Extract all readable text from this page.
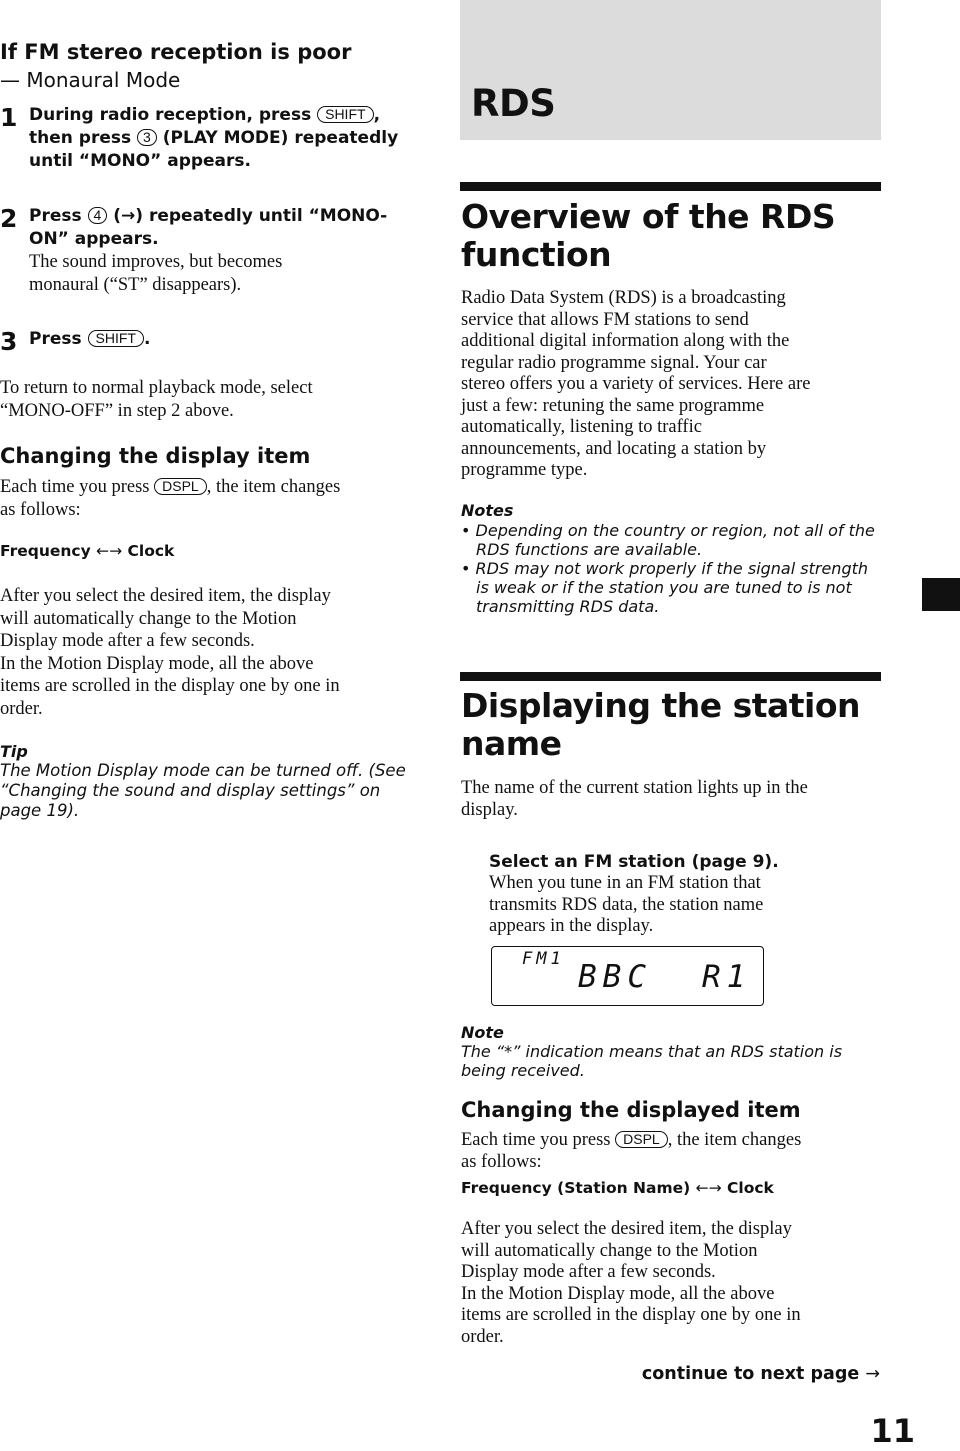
If FM stereo reception is poor
— Monaural Mode
1 During radio reception, press SHIFT ,
then press 3 (PLAY MODE) repeatedly
until “MONO” appears.
2 Press 4 (→) repeatedly until “MONO-
ON” appears.
The sound improves, but becomes
monaural (“ST” disappears).
3 Press SHIFT .
To return to normal playback mode, select
“MONO-OFF” in step 2 above.
Changing the display item
Each time you press DSPL , the item changes
as follows:
Frequency ←→ Clock
After you select the desired item, the display
will automatically change to the Motion
Display mode after a few seconds.
In the Motion Display mode, all the above
items are scrolled in the display one by one in
order.
Tip
The Motion Display mode can be turned off. (See
“Changing the sound and display settings” on
page 19).
RDS
Overview of the RDS
function
Radio Data System (RDS) is a broadcasting
service that allows FM stations to send
additional digital information along with the
regular radio programme signal. Your car
stereo offers you a variety of services. Here are
just a few: retuning the same programme
automatically, listening to traffic
announcements, and locating a station by
programme type.
Notes
• Depending on the country or region, not all of the RDS functions are available.
• RDS may not work properly if the signal strength is weak or if the station you are tuned to is not transmitting RDS data.
Displaying the station
name
The name of the current station lights up in the
display.
Select an FM station (page 9).
When you tune in an FM station that
transmits RDS data, the station name
appears in the display.
FM1 BBC R1
Note
The “*” indication means that an RDS station is
being received.
Changing the displayed item
Each time you press DSPL , the item changes
as follows:
Frequency (Station Name) ←→ Clock
After you select the desired item, the display
will automatically change to the Motion
Display mode after a few seconds.
In the Motion Display mode, all the above
items are scrolled in the display one by one in
order.
continue to next page →
11
